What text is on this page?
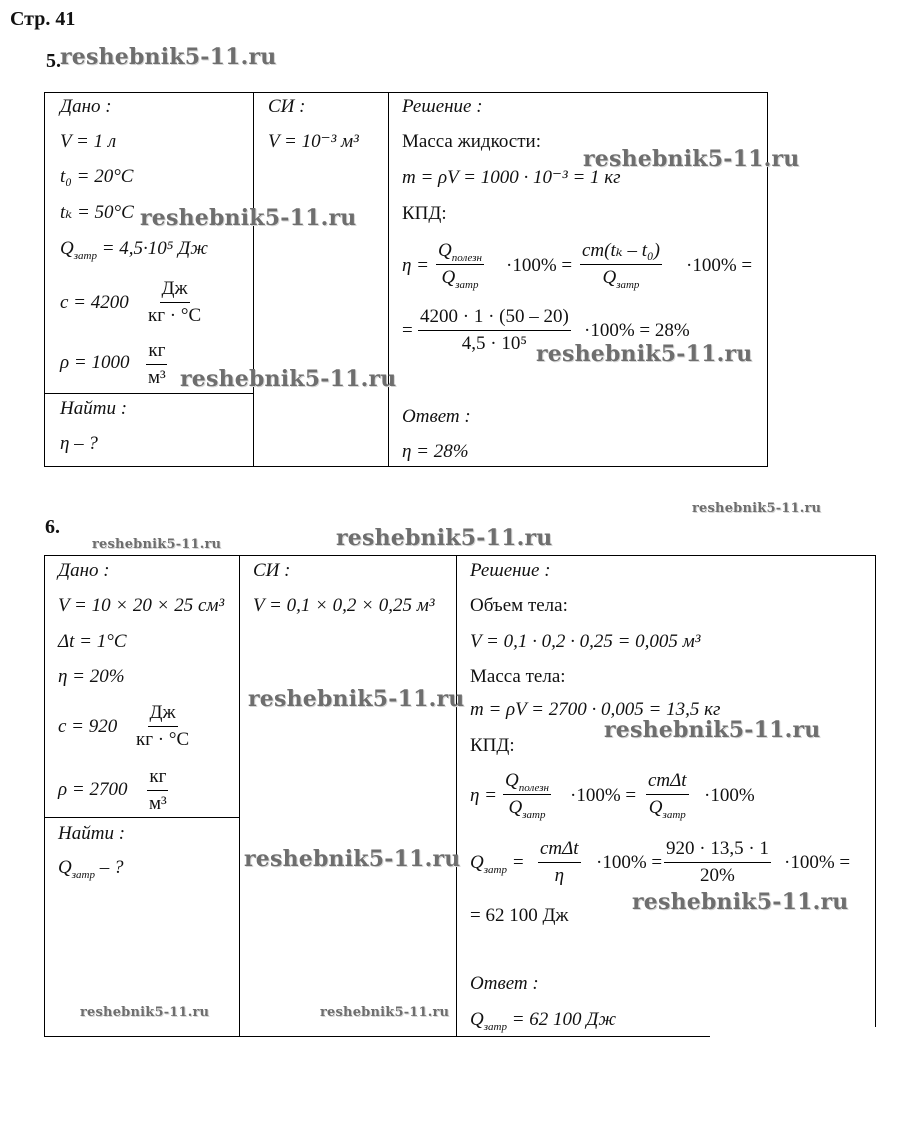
Стр. 41
5. reshebnik5-11.ru
Дано :
V = 1 л
t₀ = 20°С
tₖ = 50°С
$Q_{затр} = 4,5\cdot 10^5$ Дж
c = 4200
Дж
кг · °С
ρ = 1000
кг
м³
Найти :
η – ?
СИ :
V = 10⁻³ м³
Решение :
Масса жидкости:
m = ρV = 1000 · 10⁻³ = 1 кг
КПД:
η =
$Q_{полезн}$
$Q_{затр}$
·100% =
cm(tₖ – t₀)
$Q_{затр}$
·100% =
= $\frac{4200 \cdot 1 \cdot (50 - 20)}{\text{4,5 · 10⁵}} \cdot 100\% = 28\%$
Ответ :
η = 28%
reshebnik5-11.ru
reshebnik5-11.ru
reshebnik5-11.ru
reshebnik5-11.ru
reshebnik5-11.ru
6.
reshebnik5-11.ru	reshebnik5-11.ru
Дано :
V = 10 × 20 × 25 см³
Δt = 1°С
η = 20%
c = 920
Дж
кг · °С
ρ = 2700
кг
м³
Найти :
$Q_{затр}$ – ?
СИ :
V = 0,1 × 0,2 × 0,25 м³
Решение :
Объем тела:
V = 0,1 · 0,2 · 0,25 = 0,005 м³
Масса тела:
m = ρV = 2700 · 0,005 = 13,5 кг
КПД:
η =
$Q_{полезн}$
$Q_{затр}$
·100% =
cmΔt
$Q_{затр}$
·100%
$Q_{затр}$ =
cmΔt
η
$\cdot 100\% = \frac{920 \cdot 13,5 \cdot 1}{20\%} \cdot 100\%$ =
= 62 100 Дж
Ответ :
$Q_{затр} = 62$ 100 Дж
reshebnik5-11.ru
reshebnik5-11.ru
reshebnik5-11.ru
reshebnik5-11.ru
reshebnik5-11.ru	reshebnik5-11.ru
